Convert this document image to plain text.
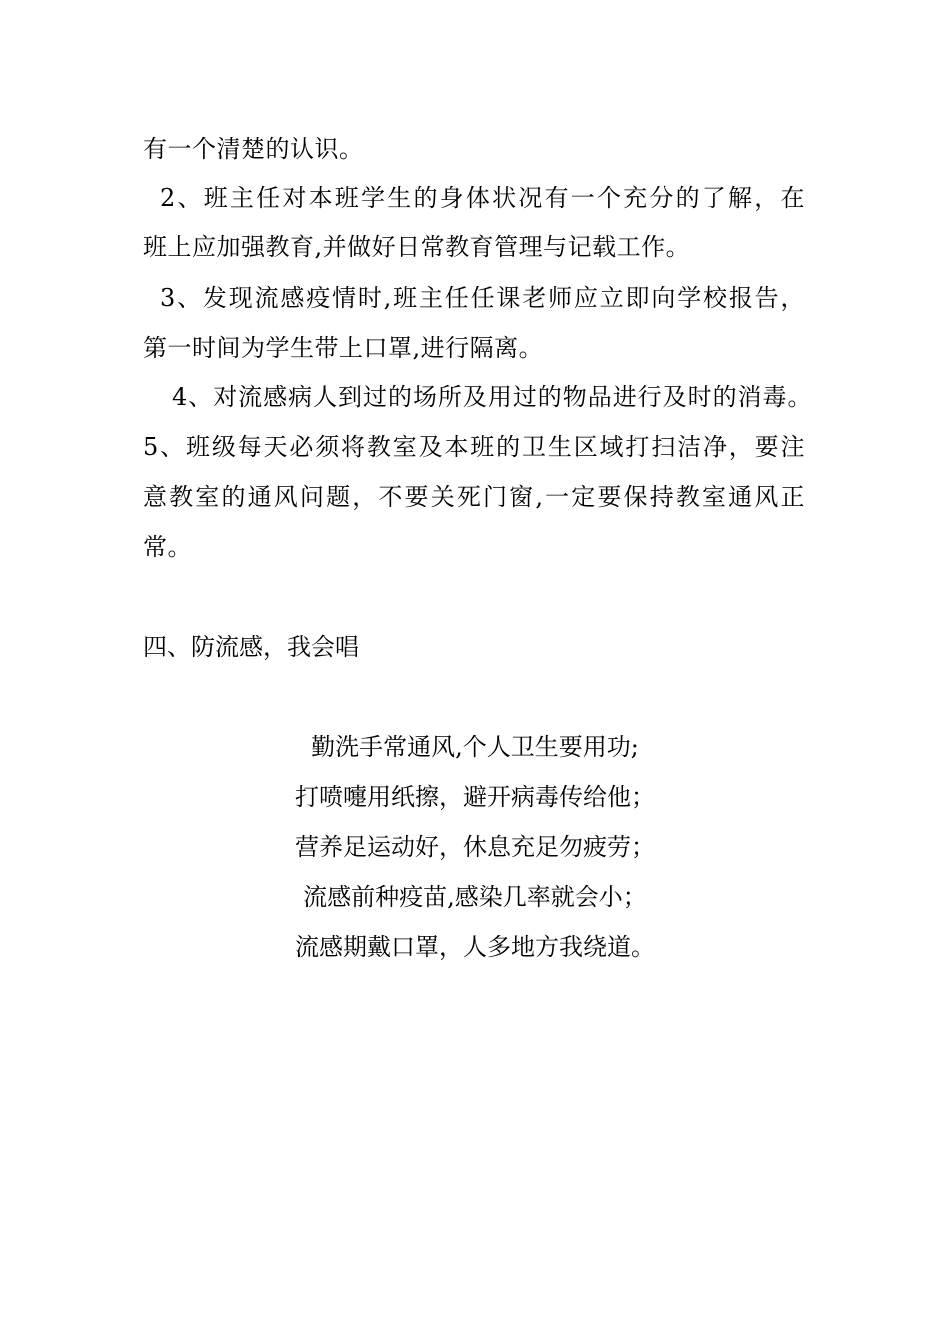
有一个清楚的认识。
2、班主任对本班学生的身体状况有一个充分的了解，在
班上应加强教育,并做好日常教育管理与记载工作。
3、发现流感疫情时,班主任任课老师应立即向学校报告，
第一时间为学生带上口罩,进行隔离。
4、对流感病人到过的场所及用过的物品进行及时的消毒。
5、班级每天必须将教室及本班的卫生区域打扫洁净，要注
意教室的通风问题，不要关死门窗,一定要保持教室通风正
常。
四、防流感，我会唱
勤洗手常通风,个人卫生要用功;
打喷嚏用纸擦，避开病毒传给他；
营养足运动好，休息充足勿疲劳；
流感前种疫苗,感染几率就会小；
流感期戴口罩，人多地方我绕道。
